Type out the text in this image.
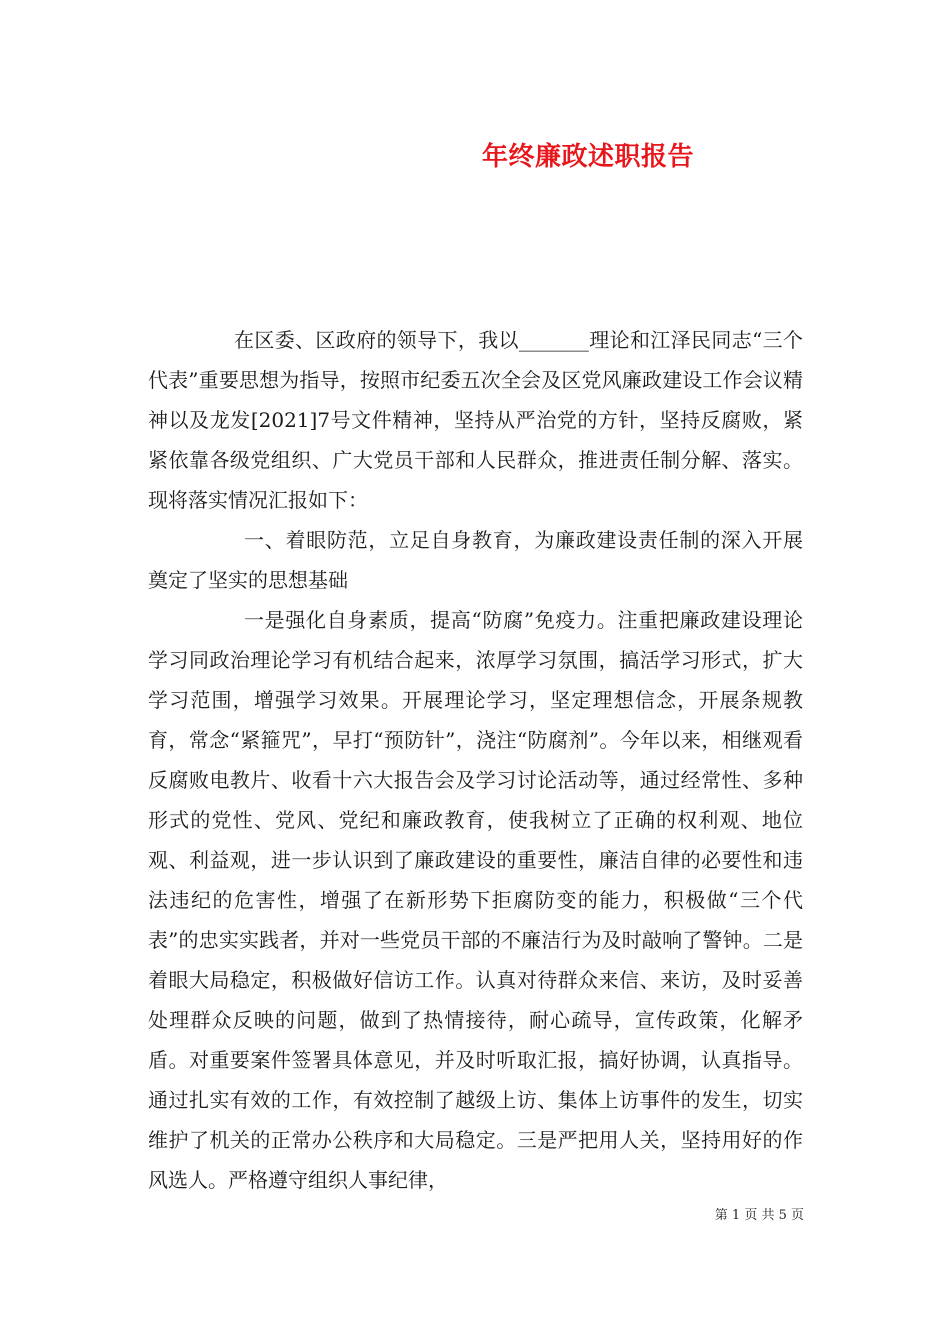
年终廉政述职报告

在区委、区政府的领导下，我以_______理论和江泽民同志“三个代表”重要思想为指导，按照市纪委五次全会及区党风廉政建设工作会议精神以及龙发[2021]7号文件精神，坚持从严治党的方针，坚持反腐败，紧紧依靠各级党组织、广大党员干部和人民群众，推进责任制分解、落实。现将落实情况汇报如下：

一、着眼防范，立足自身教育，为廉政建设责任制的深入开展奠定了坚实的思想基础

一是强化自身素质，提高“防腐”免疫力。注重把廉政建设理论学习同政治理论学习有机结合起来，浓厚学习氛围，搞活学习形式，扩大学习范围，增强学习效果。开展理论学习，坚定理想信念，开展条规教育，常念“紧箍咒”，早打“预防针”，浇注“防腐剂”。今年以来，相继观看反腐败电教片、收看十六大报告会及学习讨论活动等，通过经常性、多种形式的党性、党风、党纪和廉政教育，使我树立了正确的权利观、地位观、利益观，进一步认识到了廉政建设的重要性，廉洁自律的必要性和违法违纪的危害性，增强了在新形势下拒腐防变的能力，积极做“三个代表”的忠实实践者，并对一些党员干部的不廉洁行为及时敲响了警钟。二是着眼大局稳定，积极做好信访工作。认真对待群众来信、来访，及时妥善处理群众反映的问题，做到了热情接待，耐心疏导，宣传政策，化解矛盾。对重要案件签署具体意见，并及时听取汇报，搞好协调，认真指导。通过扎实有效的工作，有效控制了越级上访、集体上访事件的发生，切实维护了机关的正常办公秩序和大局稳定。三是严把用人关，坚持用好的作风选人。严格遵守组织人事纪律，

第 1 页 共 5 页
